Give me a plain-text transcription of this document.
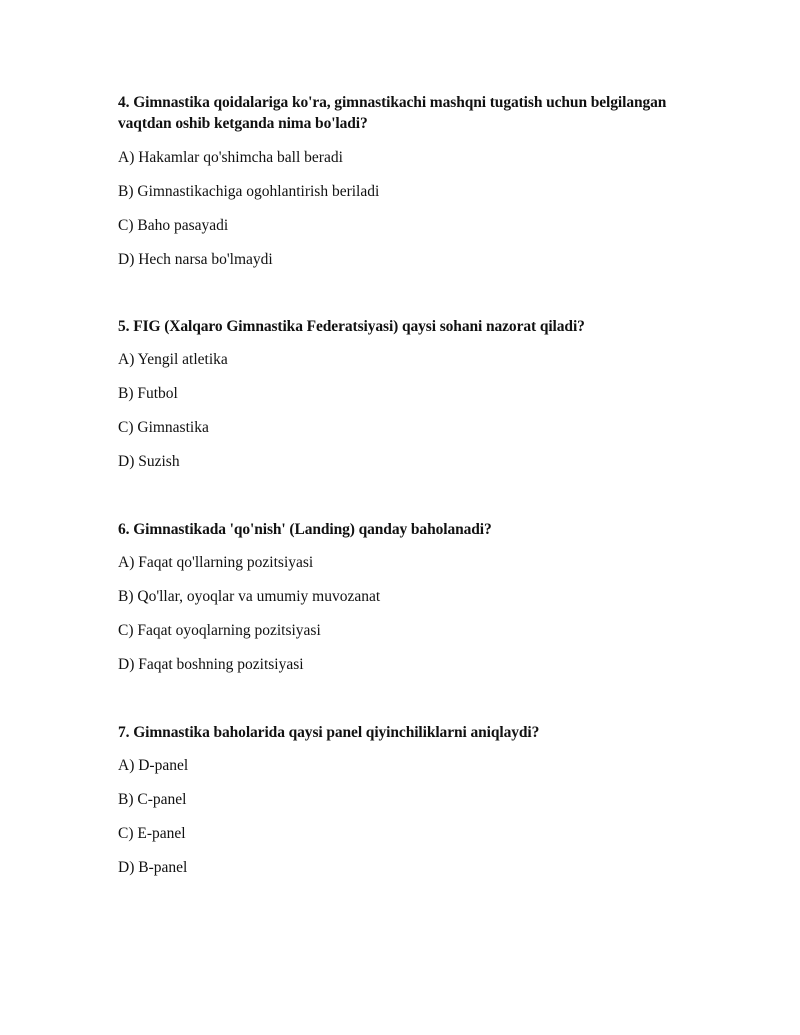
4. Gimnastika qoidalariga ko'ra, gimnastikachi mashqni tugatish uchun belgilangan vaqtdan oshib ketganda nima bo'ladi?

A) Hakamlar qo'shimcha ball beradi

B) Gimnastikachiga ogohlantirish beriladi

C) Baho pasayadi

D) Hech narsa bo'lmaydi

5. FIG (Xalqaro Gimnastika Federatsiyasi) qaysi sohani nazorat qiladi?

A) Yengil atletika

B) Futbol

C) Gimnastika

D) Suzish

6. Gimnastikada 'qo'nish' (Landing) qanday baholanadi?

A) Faqat qo'llarning pozitsiyasi

B) Qo'llar, oyoqlar va umumiy muvozanat

C) Faqat oyoqlarning pozitsiyasi

D) Faqat boshning pozitsiyasi

7. Gimnastika baholarida qaysi panel qiyinchiliklarni aniqlaydi?

A) D-panel

B) C-panel

C) E-panel

D) B-panel
